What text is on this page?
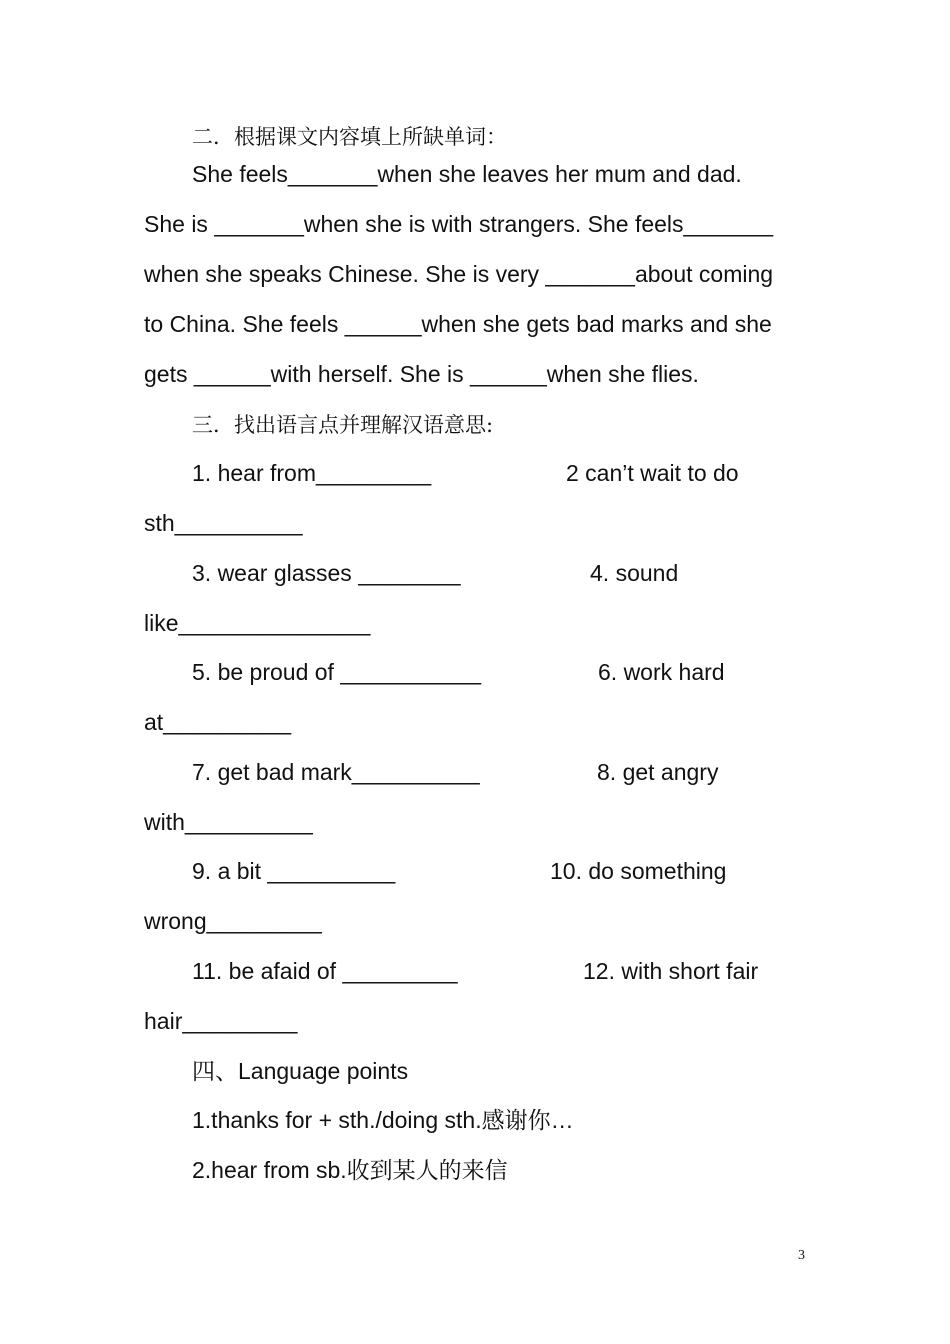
二．根据课文内容填上所缺单词：
She feels_______when she leaves her mum and dad.
She is _______when she is with strangers. She feels_______
when she speaks Chinese. She is very _______about coming
to China. She feels ______when she gets bad marks and she
gets ______with herself. She is ______when she flies.
三．找出语言点并理解汉语意思:
1. hear from_________	2 can’t wait to do
sth__________
3. wear glasses ________	4. sound
like_______________
5. be proud of ___________	6. work hard
at__________
7. get bad mark__________	8. get angry
with__________
9. a bit __________	10. do something
wrong_________
11. be afaid of _________	12. with short fair
hair_________
四、Language points
1.thanks for + sth./doing sth.感谢你…
2.hear from sb.收到某人的来信
3
